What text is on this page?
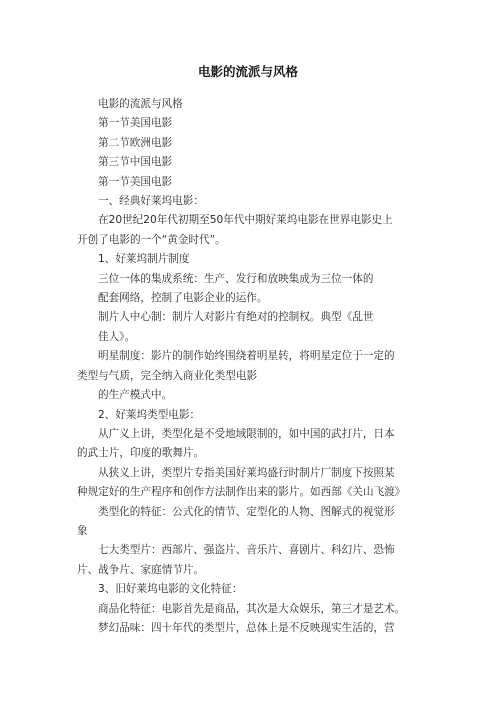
电影的流派与风格

电影的流派与风格

第一节美国电影

第二节欧洲电影

第三节中国电影

第一节美国电影

一、经典好莱坞电影：

在20世纪20年代初期至50年代中期好莱坞电影在世界电影史上

开创了电影的一个“黄金时代”。

1、好莱坞制片制度

三位一体的集成系统：生产、发行和放映集成为三位一体的

配套网络，控制了电影企业的运作。

制片人中心制：制片人对影片有绝对的控制权。典型《乱世

佳人》。

明星制度：影片的制作始终围绕着明星转，将明星定位于一定的

类型与气质，完全纳入商业化类型电影

的生产模式中。

2、好莱坞类型电影：

从广义上讲，类型化是不受地域限制的，如中国的武打片，日本

的武士片，印度的歌舞片。

从狭义上讲，类型片专指美国好莱坞盛行时制片厂制度下按照某

种规定好的生产程序和创作方法制作出来的影片。如西部《关山飞渡》

类型化的特征：公式化的情节、定型化的人物、图解式的视觉形

象

七大类型片：西部片、强盗片、音乐片、喜剧片、科幻片、恐怖

片、战争片、家庭情节片。

3、旧好莱坞电影的文化特征：

商品化特征：电影首先是商品，其次是大众娱乐，第三才是艺术。

梦幻品味：四十年代的类型片，总体上是不反映现实生活的，营
